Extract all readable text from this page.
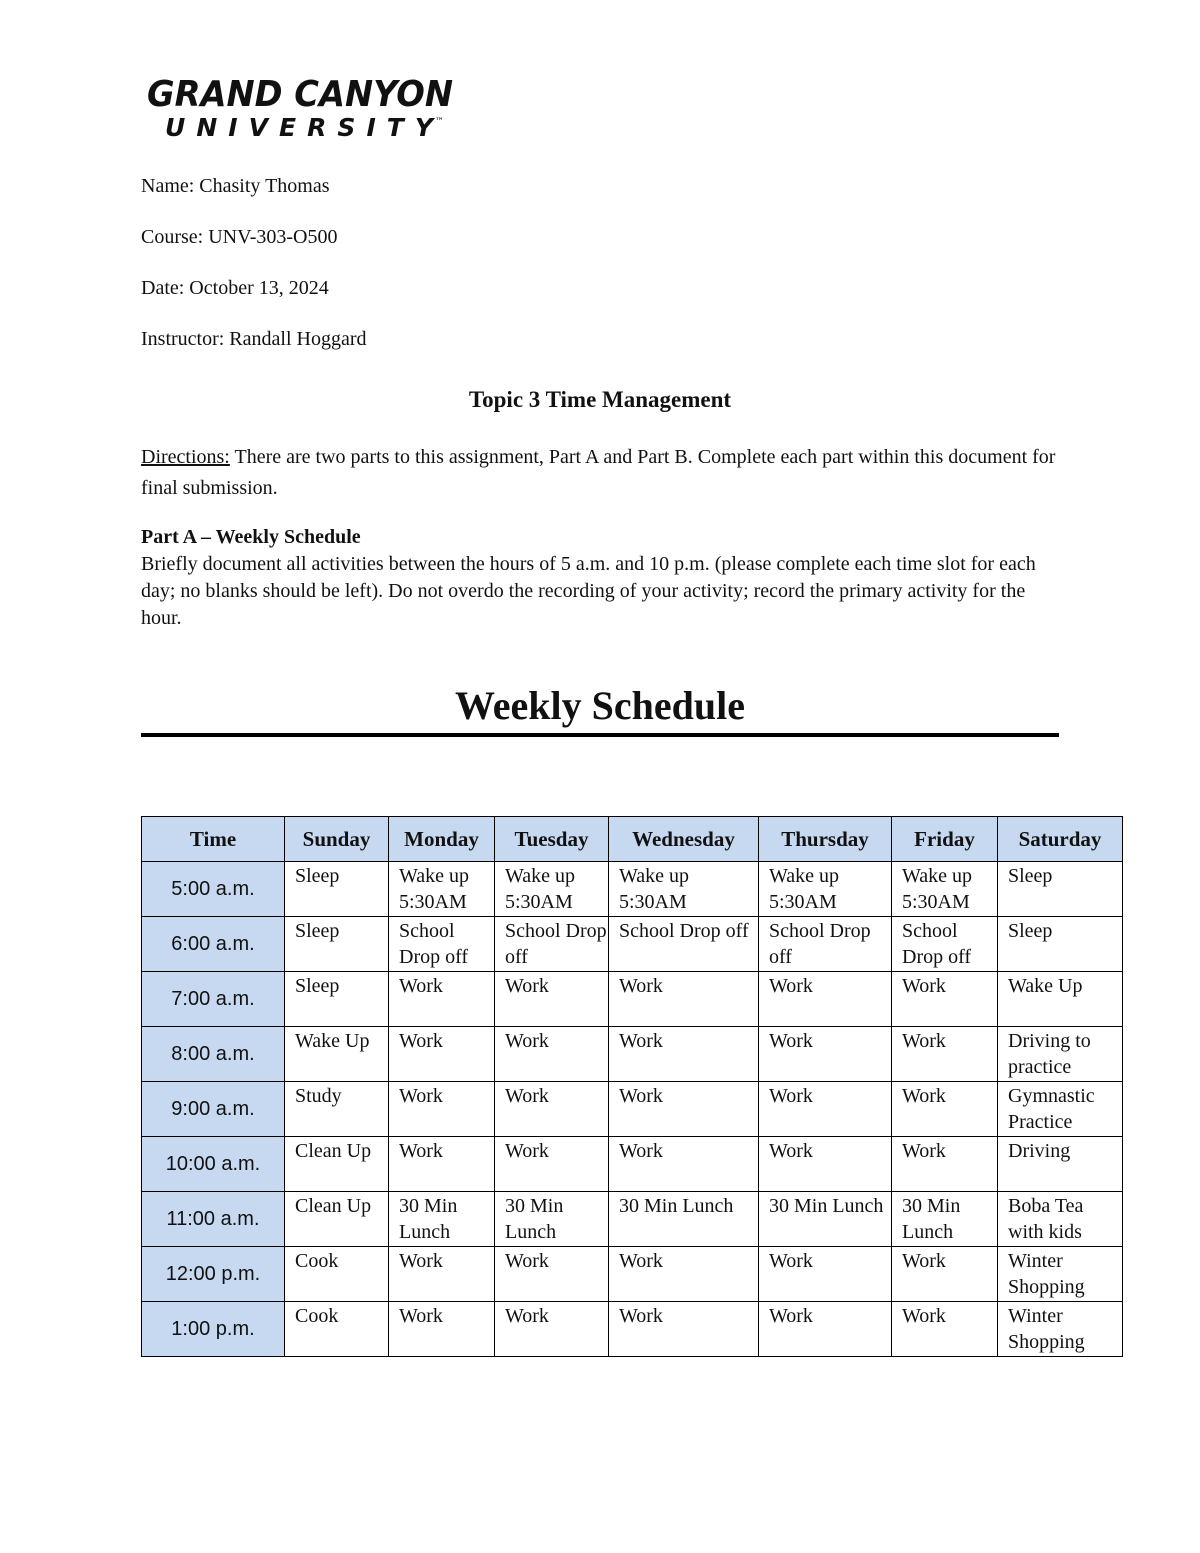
GRAND CANYON
UNIVERSITY ™
Name: Chasity Thomas
Course: UNV-303-O500
Date: October 13, 2024
Instructor: Randall Hoggard
Topic 3 Time Management
Directions: There are two parts to this assignment, Part A and Part B. Complete each part within this document for final submission.
Part A – Weekly Schedule
Briefly document all activities between the hours of 5 a.m. and 10 p.m. (please complete each time slot for each day; no blanks should be left). Do not overdo the recording of your activity; record the primary activity for the hour.
Weekly Schedule
Time	Sunday	Monday	Tuesday	Wednesday	Thursday	Friday	Saturday
5:00 a.m.	Sleep	Wake up 5:30AM	Wake up 5:30AM	Wake up 5:30AM	Wake up 5:30AM	Wake up 5:30AM	Sleep
6:00 a.m.	Sleep	School Drop off	School Drop off	School Drop off	School Drop off	School Drop off	Sleep
7:00 a.m.	Sleep	Work	Work	Work	Work	Work	Wake Up
8:00 a.m.	Wake Up	Work	Work	Work	Work	Work	Driving to practice
9:00 a.m.	Study	Work	Work	Work	Work	Work	Gymnastic Practice
10:00 a.m.	Clean Up	Work	Work	Work	Work	Work	Driving
11:00 a.m.	Clean Up	30 Min Lunch	30 Min Lunch	30 Min Lunch	30 Min Lunch	30 Min Lunch	Boba Tea with kids
12:00 p.m.	Cook	Work	Work	Work	Work	Work	Winter Shopping
1:00 p.m.	Cook	Work	Work	Work	Work	Work	Winter Shopping
